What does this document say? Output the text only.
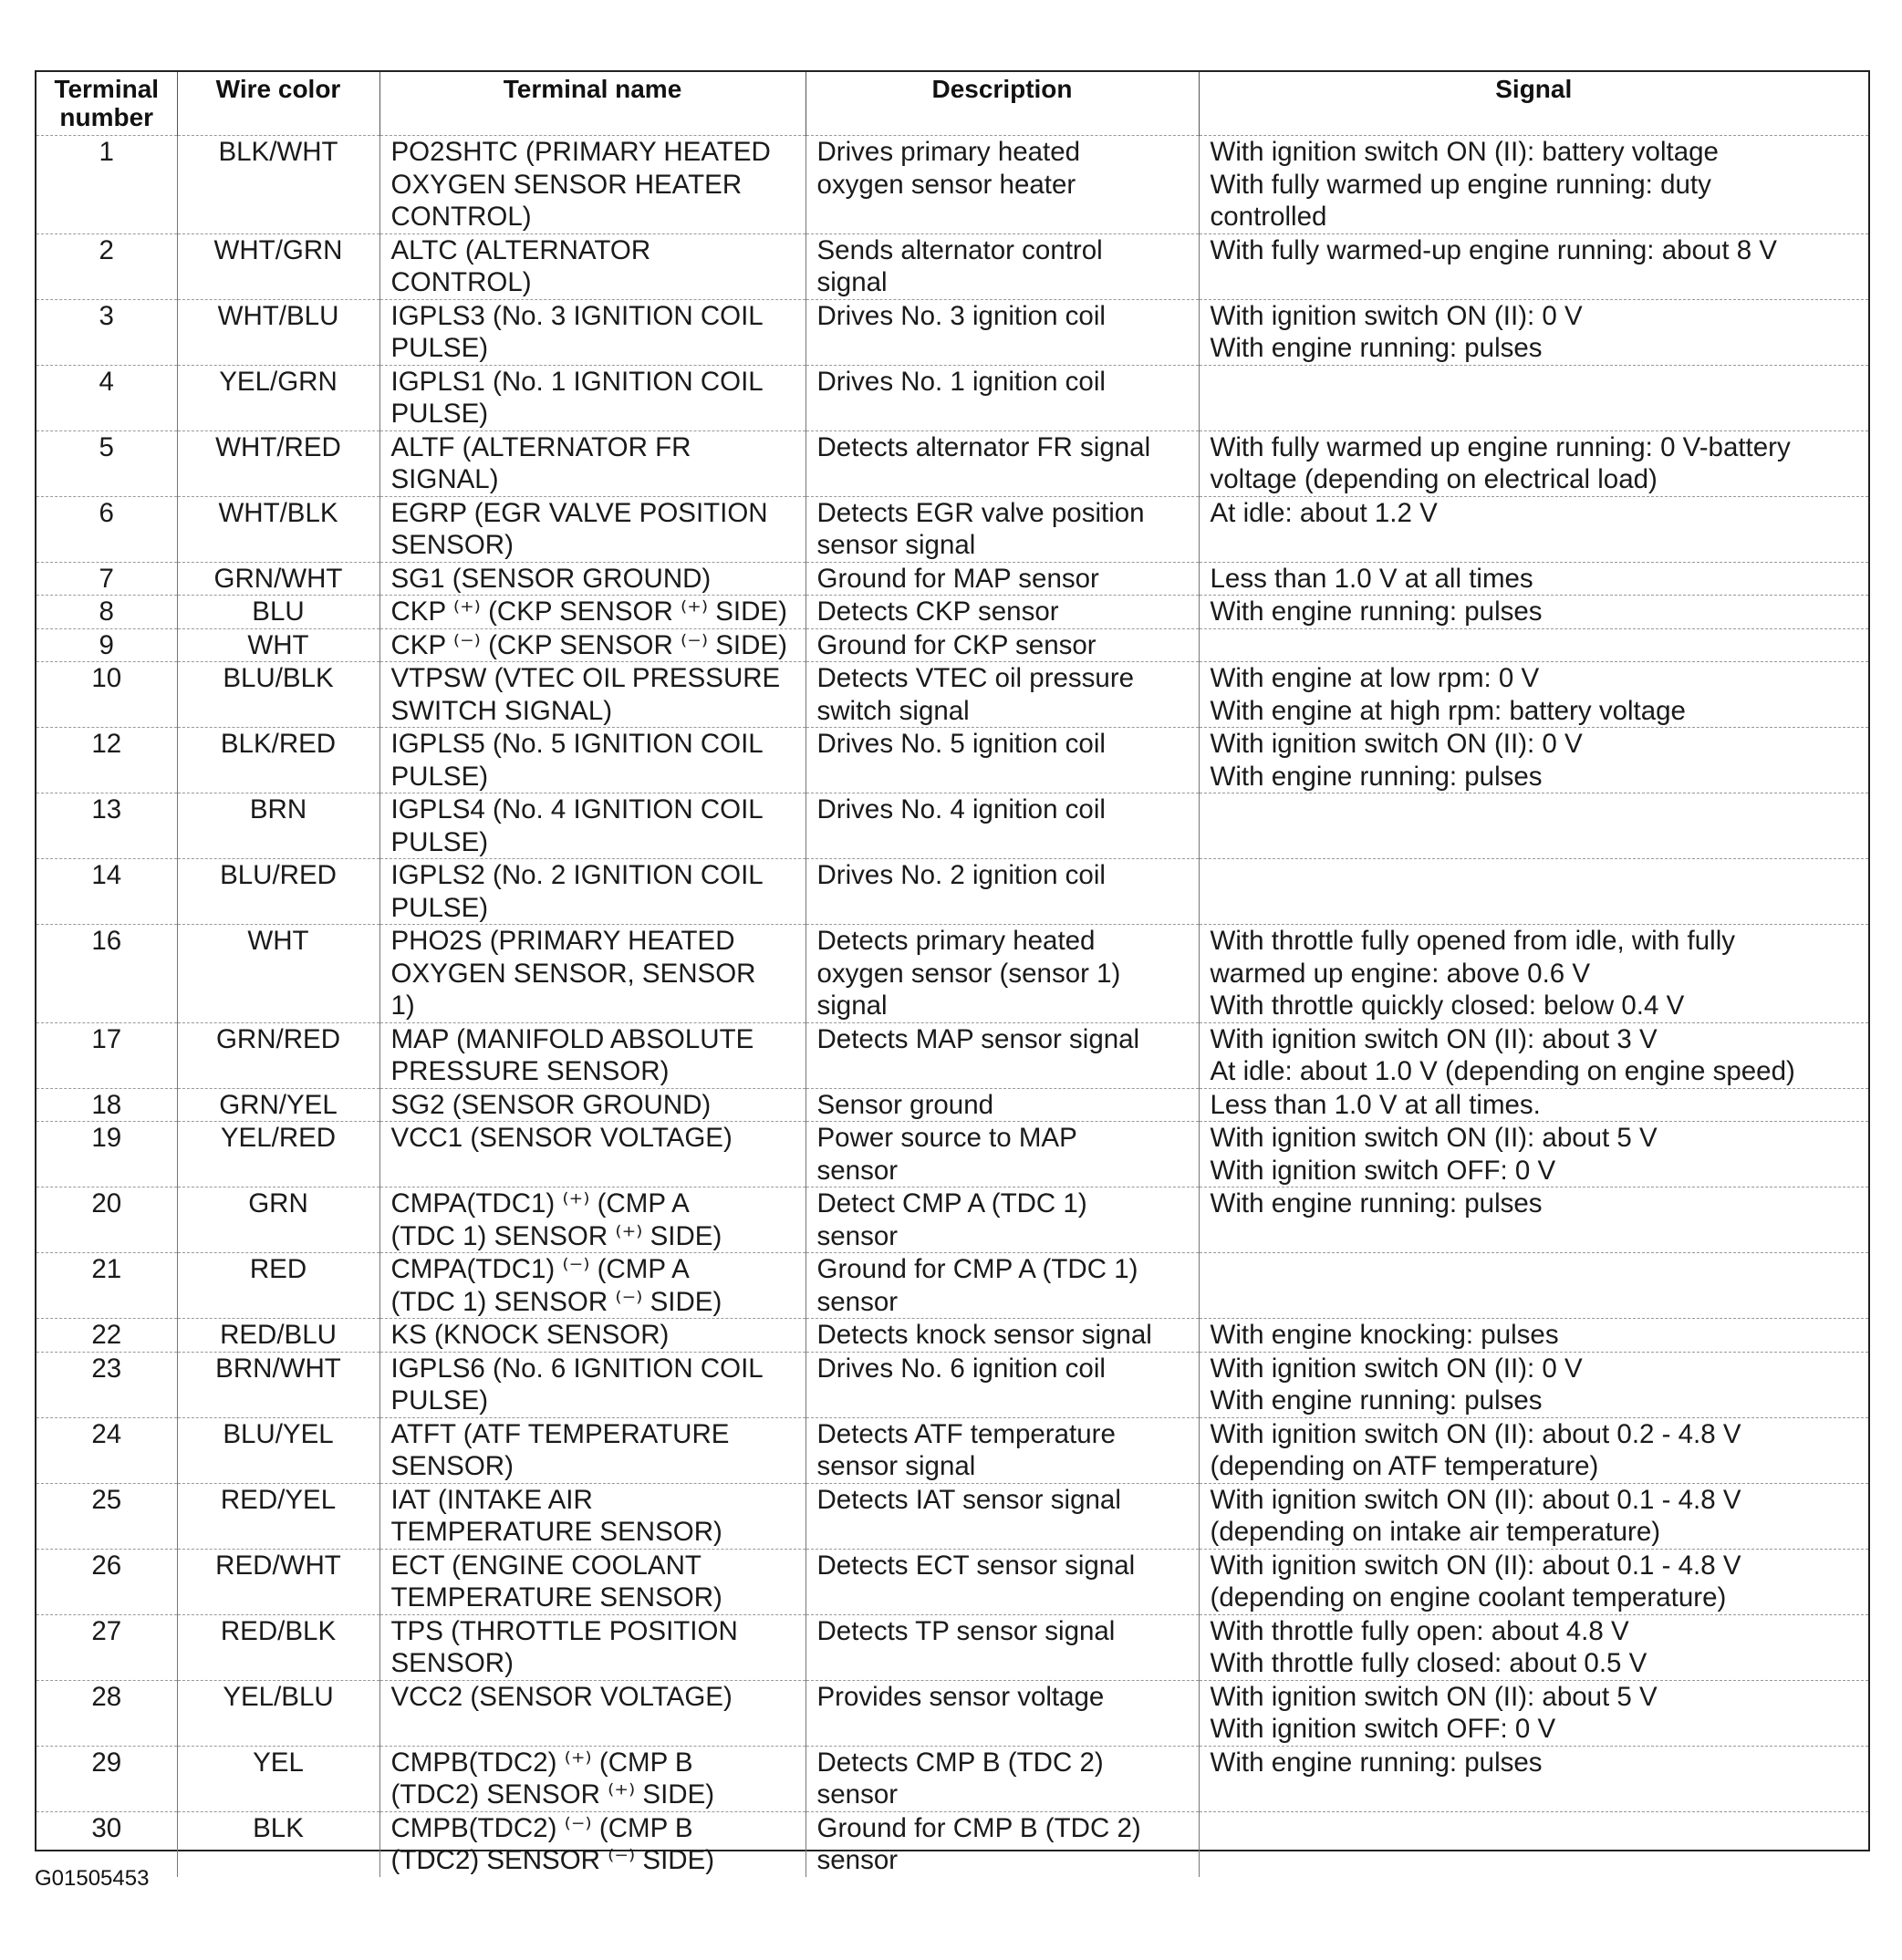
Terminal
number	Wire color	Terminal name	Description	Signal
1	BLK/WHT	PO2SHTC (PRIMARY HEATED
OXYGEN SENSOR HEATER
CONTROL)	Drives primary heated
oxygen sensor heater	With ignition switch ON (II): battery voltage
With fully warmed up engine running: duty
controlled

2	WHT/GRN	ALTC (ALTERNATOR
CONTROL)	Sends alternator control
signal	With fully warmed-up engine running: about 8 V

3	WHT/BLU	IGPLS3 (No. 3 IGNITION COIL
PULSE)	Drives No. 3 ignition coil	With ignition switch ON (II): 0 V
With engine running: pulses

4	YEL/GRN	IGPLS1 (No. 1 IGNITION COIL
PULSE)	Drives No. 1 ignition coil	

5	WHT/RED	ALTF (ALTERNATOR FR
SIGNAL)	Detects alternator FR signal	With fully warmed up engine running: 0 V-battery
voltage (depending on electrical load)

6	WHT/BLK	EGRP (EGR VALVE POSITION
SENSOR)	Detects EGR valve position
sensor signal	At idle: about 1.2 V

7	GRN/WHT	SG1 (SENSOR GROUND)	Ground for MAP sensor	Less than 1.0 V at all times

8	BLU	CKP ⁽⁺⁾ (CKP SENSOR ⁽⁺⁾ SIDE)	Detects CKP sensor	With engine running: pulses

9	WHT	CKP ⁽⁻⁾ (CKP SENSOR ⁽⁻⁾ SIDE)	Ground for CKP sensor	

10	BLU/BLK	VTPSW (VTEC OIL PRESSURE
SWITCH SIGNAL)	Detects VTEC oil pressure
switch signal	With engine at low rpm: 0 V
With engine at high rpm: battery voltage

12	BLK/RED	IGPLS5 (No. 5 IGNITION COIL
PULSE)	Drives No. 5 ignition coil	With ignition switch ON (II): 0 V
With engine running: pulses

13	BRN	IGPLS4 (No. 4 IGNITION COIL
PULSE)	Drives No. 4 ignition coil	

14	BLU/RED	IGPLS2 (No. 2 IGNITION COIL
PULSE)	Drives No. 2 ignition coil	

16	WHT	PHO2S (PRIMARY HEATED
OXYGEN SENSOR, SENSOR
1)	Detects primary heated
oxygen sensor (sensor 1)
signal	With throttle fully opened from idle, with fully
warmed up engine: above 0.6 V
With throttle quickly closed: below 0.4 V

17	GRN/RED	MAP (MANIFOLD ABSOLUTE
PRESSURE SENSOR)	Detects MAP sensor signal	With ignition switch ON (II): about 3 V
At idle: about 1.0 V (depending on engine speed)

18	GRN/YEL	SG2 (SENSOR GROUND)	Sensor ground	Less than 1.0 V at all times.

19	YEL/RED	VCC1 (SENSOR VOLTAGE)	Power source to MAP
sensor	With ignition switch ON (II): about 5 V
With ignition switch OFF: 0 V

20	GRN	CMPA(TDC1) ⁽⁺⁾ (CMP A
(TDC 1) SENSOR ⁽⁺⁾ SIDE)	Detect CMP A (TDC 1)
sensor	With engine running: pulses

21	RED	CMPA(TDC1) ⁽⁻⁾ (CMP A
(TDC 1) SENSOR ⁽⁻⁾ SIDE)	Ground for CMP A (TDC 1)
sensor	

22	RED/BLU	KS (KNOCK SENSOR)	Detects knock sensor signal	With engine knocking: pulses

23	BRN/WHT	IGPLS6 (No. 6 IGNITION COIL
PULSE)	Drives No. 6 ignition coil	With ignition switch ON (II): 0 V
With engine running: pulses

24	BLU/YEL	ATFT (ATF TEMPERATURE
SENSOR)	Detects ATF temperature
sensor signal	With ignition switch ON (II): about 0.2 - 4.8 V
(depending on ATF temperature)

25	RED/YEL	IAT (INTAKE AIR
TEMPERATURE SENSOR)	Detects IAT sensor signal	With ignition switch ON (II): about 0.1 - 4.8 V
(depending on intake air temperature)

26	RED/WHT	ECT (ENGINE COOLANT
TEMPERATURE SENSOR)	Detects ECT sensor signal	With ignition switch ON (II): about 0.1 - 4.8 V
(depending on engine coolant temperature)

27	RED/BLK	TPS (THROTTLE POSITION
SENSOR)	Detects TP sensor signal	With throttle fully open: about 4.8 V
With throttle fully closed: about 0.5 V

28	YEL/BLU	VCC2 (SENSOR VOLTAGE)	Provides sensor voltage	With ignition switch ON (II): about 5 V
With ignition switch OFF: 0 V

29	YEL	CMPB(TDC2) ⁽⁺⁾ (CMP B
(TDC2) SENSOR ⁽⁺⁾ SIDE)	Detects CMP B (TDC 2)
sensor	With engine running: pulses

30	BLK	CMPB(TDC2) ⁽⁻⁾ (CMP B
(TDC2) SENSOR ⁽⁻⁾ SIDE)	Ground for CMP B (TDC 2)
sensor	

G01505453
